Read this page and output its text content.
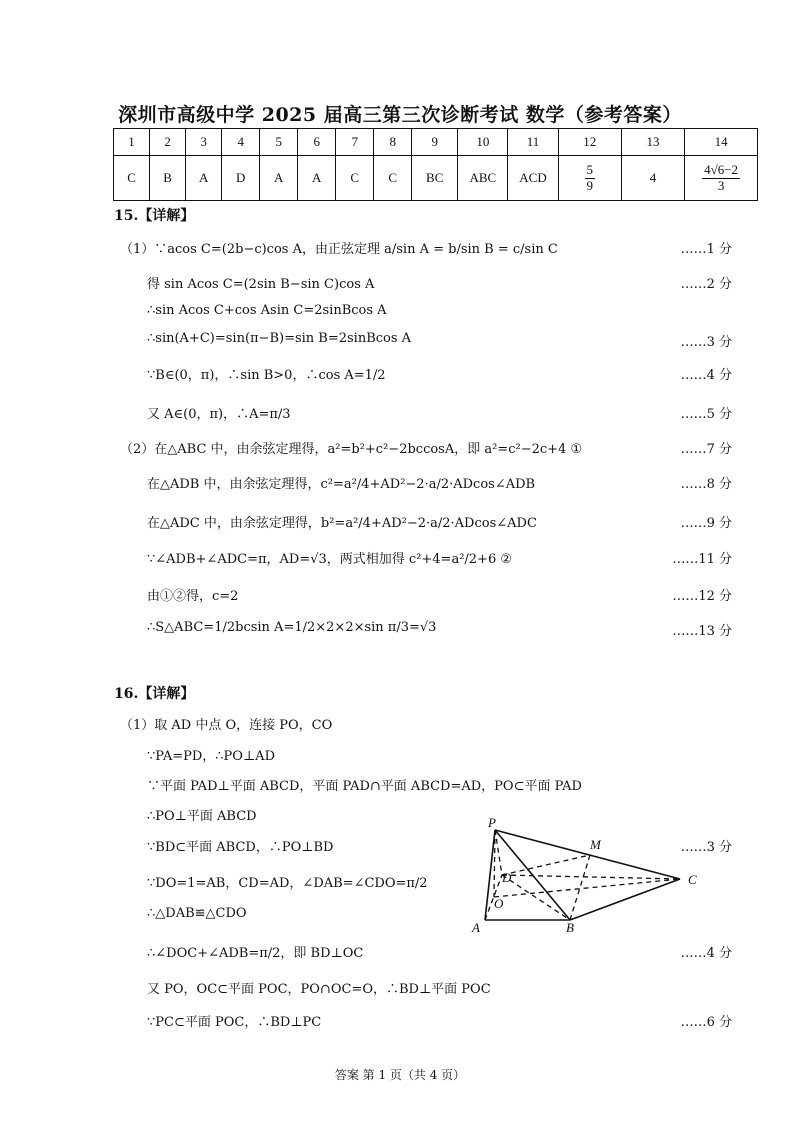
深圳市高级中学 2025 届高三第三次诊断考试 数学（参考答案）
1	2	3	4	5	6	7	8	9	10	11	12	13	14
C	B	A	D	A	A	C	C	BC	ABC	ACD	$\frac{5}{9}$	4	$\frac{4√6-2}{3}$
15.【详解】
（1）∵acos C=(2b−c)cos A，由正弦定理 a/sin A = b/sin B = c/sin C	……1 分
得 sin Acos C=(2sin B−sin C)cos A	……2 分
∴sin Acos C+cos Asin C=2sinBcos A
∴sin(A+C)=sin(π−B)=sin B=2sinBcos A	……3 分
∵B∈(0，π)，∴sin B>0，∴cos A=1/2	……4 分
又 A∈(0，π)，∴A=π/3	……5 分
（2）在△ABC 中，由余弦定理得，a²=b²+c²−2bccosA，即 a²=c²−2c+4 ①	……7 分
在△ADB 中，由余弦定理得，c²=a²/4+AD²−2·a/2·ADcos∠ADB	……8 分
在△ADC 中，由余弦定理得，b²=a²/4+AD²−2·a/2·ADcos∠ADC	……9 分
∵∠ADB+∠ADC=π，AD=√3，两式相加得 c²+4=a²/2+6 ②	……11 分
由①②得，c=2	……12 分
∴S△ABC=1/2bcsin A=1/2×2×2×sin π/3=√3	……13 分
16.【详解】
（1）取 AD 中点 O，连接 PO，CO
∵PA=PD，∴PO⊥AD
∵平面 PAD⊥平面 ABCD，平面 PAD∩平面 ABCD=AD，PO⊂平面 PAD
∴PO⊥平面 ABCD
∵BD⊂平面 ABCD，∴PO⊥BD	……3 分
∵DO=1=AB，CD=AD，∠DAB=∠CDO=π/2
∴△DAB≌△CDO
∴∠DOC+∠ADB=π/2，即 BD⊥OC	……4 分
又 PO，OC⊂平面 POC，PO∩OC=O，∴BD⊥平面 POC
∵PC⊂平面 POC，∴BD⊥PC	……6 分
P
M
D
O
A	B
C
答案 第 1 页（共 4 页）
